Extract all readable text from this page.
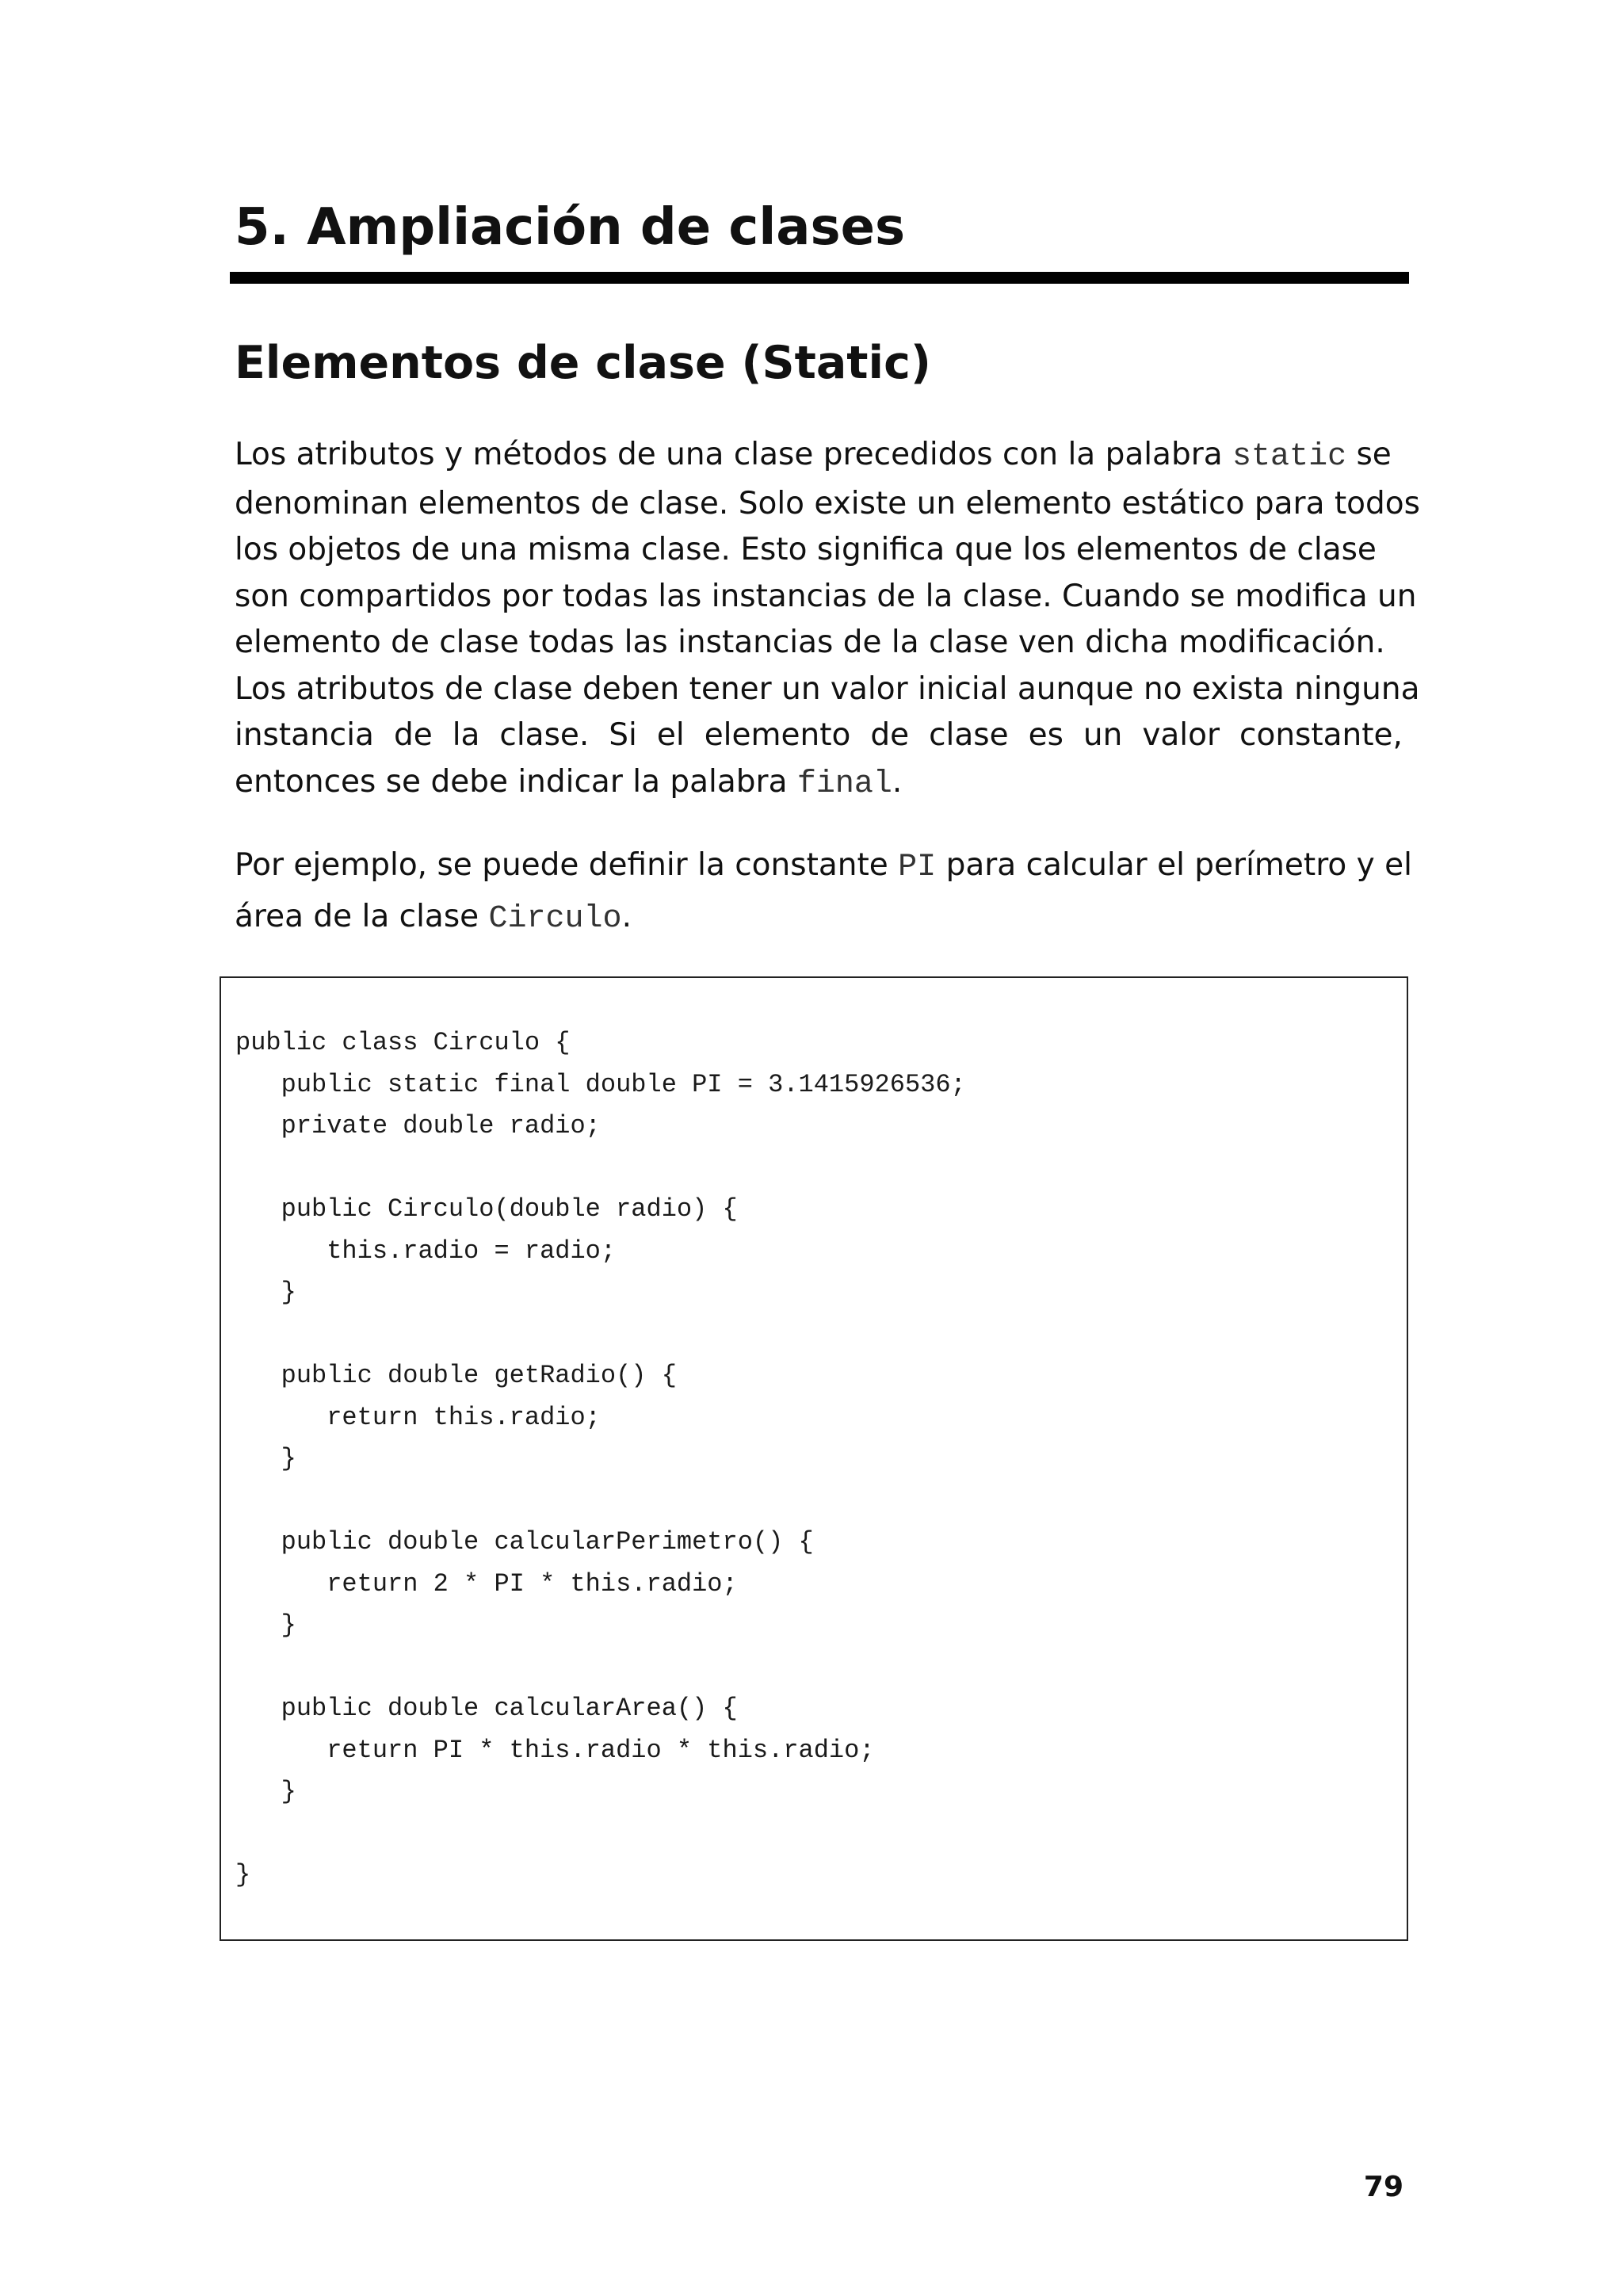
5. Ampliación de clases
Elementos de clase (Static)
Los atributos y métodos de una clase precedidos con la palabra static se
denominan elementos de clase. Solo existe un elemento estático para todos
los objetos de una misma clase. Esto significa que los elementos de clase
son compartidos por todas las instancias de la clase. Cuando se modifica un
elemento de clase todas las instancias de la clase ven dicha modificación.
Los atributos de clase deben tener un valor inicial aunque no exista ninguna
instancia de la clase. Si el elemento de clase es un valor constante,
entonces se debe indicar la palabra final.
Por ejemplo, se puede definir la constante PI para calcular el perímetro y el
área de la clase Circulo.
public class Circulo {
public static final double PI = 3.1415926536;
private double radio;
public Circulo(double radio) {
this.radio = radio;
}
public double getRadio() {
return this.radio;
}
public double calcularPerimetro() {
return 2 * PI * this.radio;
}
public double calcularArea() {
return PI * this.radio * this.radio;
}
}
79
